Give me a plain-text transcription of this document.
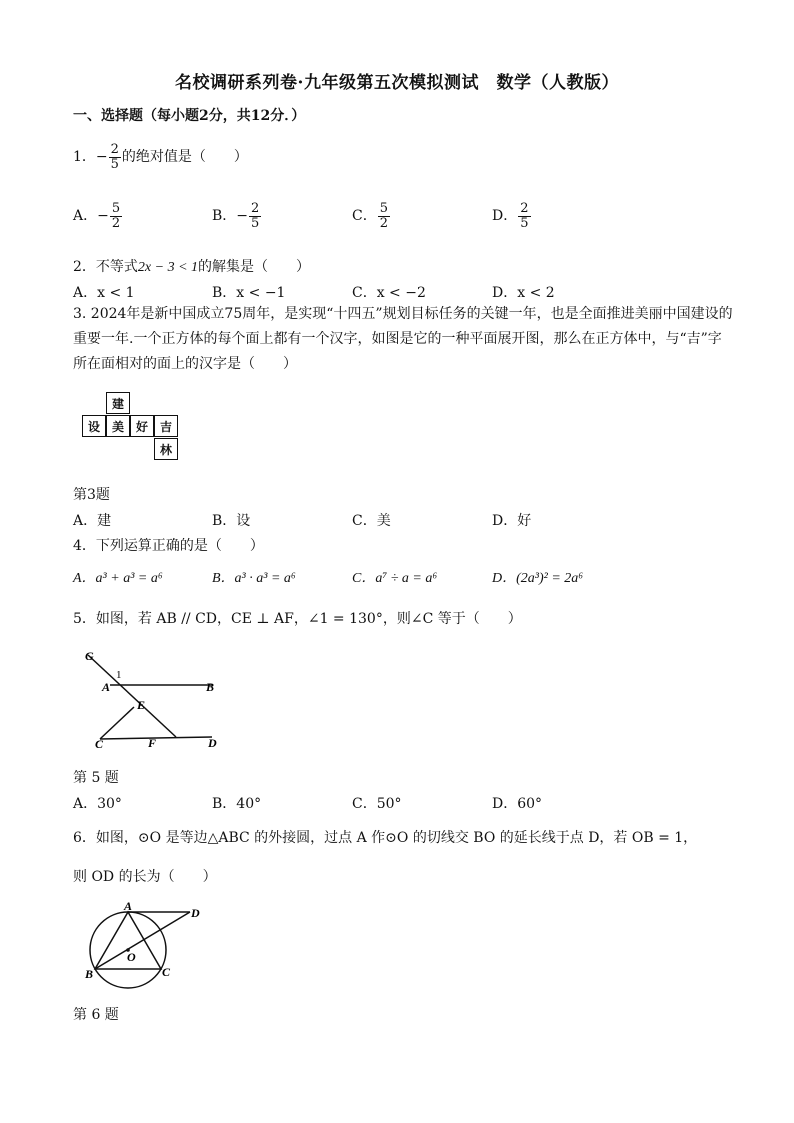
名校调研系列卷·九年级第五次模拟测试　数学（人教版）
一、选择题（每小题2分，共12分．）
1．− $\frac{2}{5}$ 的绝对值是（　　）
A．− $\frac{5}{2}$	B．− $\frac{2}{5}$	C． $\frac{5}{2}$	D． $\frac{2}{5}$
2．不等式2x − 3 < 1的解集是（　　）
A．x < 1	B．x < −1	C．x < −2	D．x < 2
3. 2024年是新中国成立75周年，是实现“十四五”规划目标任务的关键一年，也是全面推进美丽中国建设的重要一年.一个正方体的每个面上都有一个汉字，如图是它的一种平面展开图，那么在正方体中，与“吉”字所在面相对的面上的汉字是（　　）
建
设 美 好 吉
林
第3题
A．建	B．设	C．美	D．好
4．下列运算正确的是（　　）
A．a³ + a³ = a⁶	B．a³ · a³ = a⁶	C．a⁷ ÷ a = a⁶	D．(2a³)² = 2a⁶
5．如图，若 AB // CD，CE ⊥ AF，∠1 = 130°，则∠C 等于（　　）
G
1
A	B
E
C	F	D
第 5 题
A．30°	B．40°	C．50°	D．60°
6．如图，⊙O 是等边△ABC 的外接圆，过点 A 作⊙O 的切线交 BO 的延长线于点 D，若 OB = 1，
则 OD 的长为（　　）
A	D
B
O
C
第 6 题
